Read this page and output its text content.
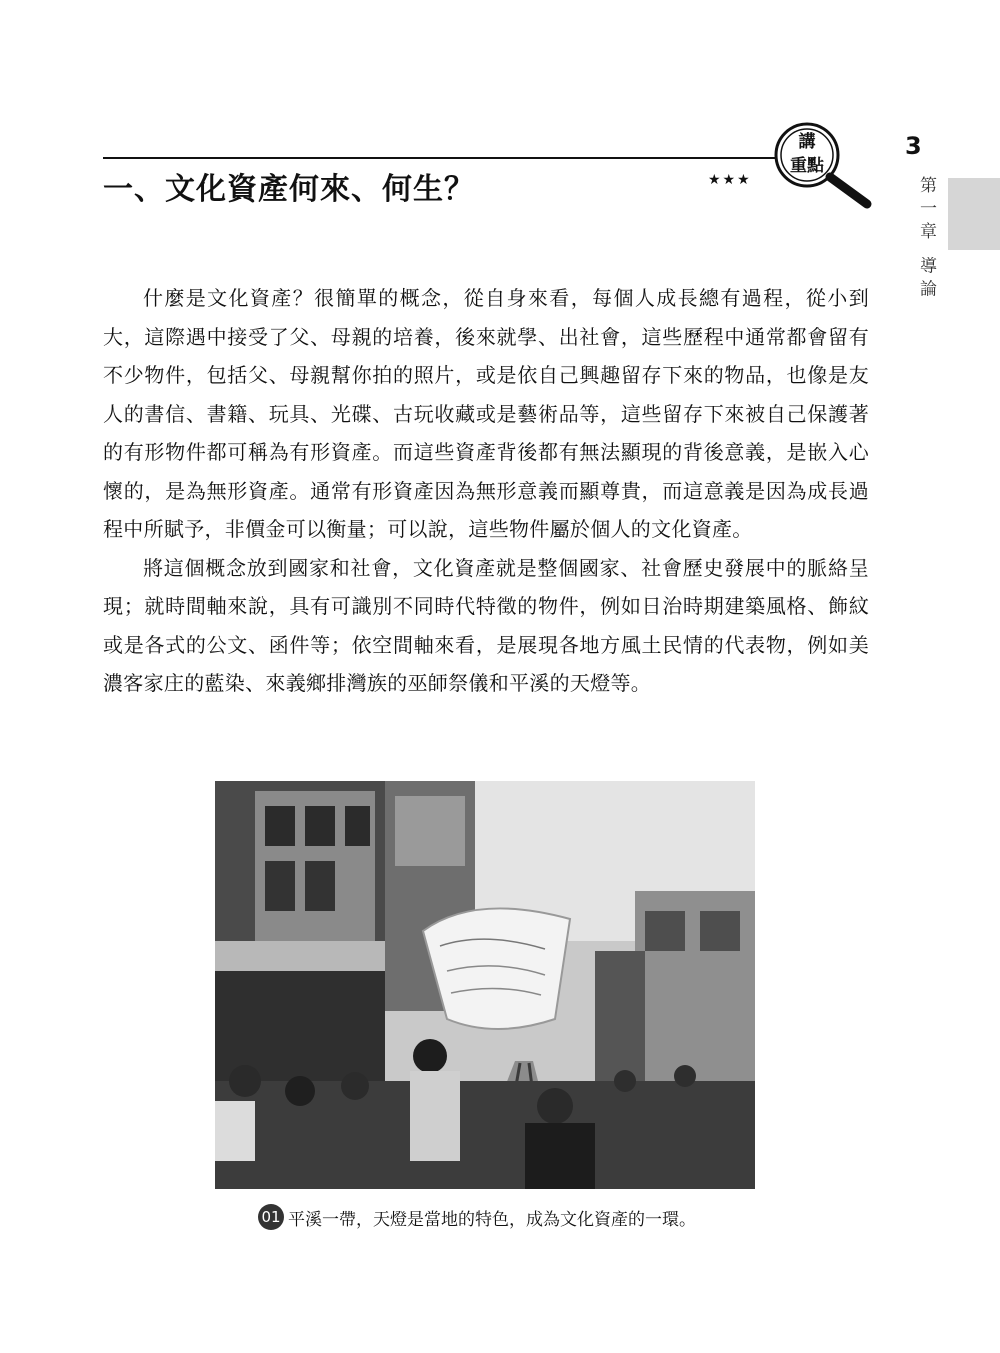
一、文化資產何來、何生？	★★★
講
重點
3
第一章 導論

什麼是文化資產？很簡單的概念，從自身來看，每個人成長總有過程，從小到大，這際遇中接受了父、母親的培養，後來就學、出社會，這些歷程中通常都會留有不少物件，包括父、母親幫你拍的照片，或是依自己興趣留存下來的物品，也像是友人的書信、書籍、玩具、光碟、古玩收藏或是藝術品等，這些留存下來被自己保護著的有形物件都可稱為有形資產。而這些資產背後都有無法顯現的背後意義，是嵌入心懷的，是為無形資產。通常有形資產因為無形意義而顯尊貴，而這意義是因為成長過程中所賦予，非價金可以衡量；可以說，這些物件屬於個人的文化資產。

將這個概念放到國家和社會，文化資產就是整個國家、社會歷史發展中的脈絡呈現；就時間軸來說，具有可識別不同時代特徵的物件，例如日治時期建築風格、飾紋或是各式的公文、函件等；依空間軸來看，是展現各地方風土民情的代表物，例如美濃客家庄的藍染、來義鄉排灣族的巫師祭儀和平溪的天燈等。

01 平溪一帶，天燈是當地的特色，成為文化資產的一環。
